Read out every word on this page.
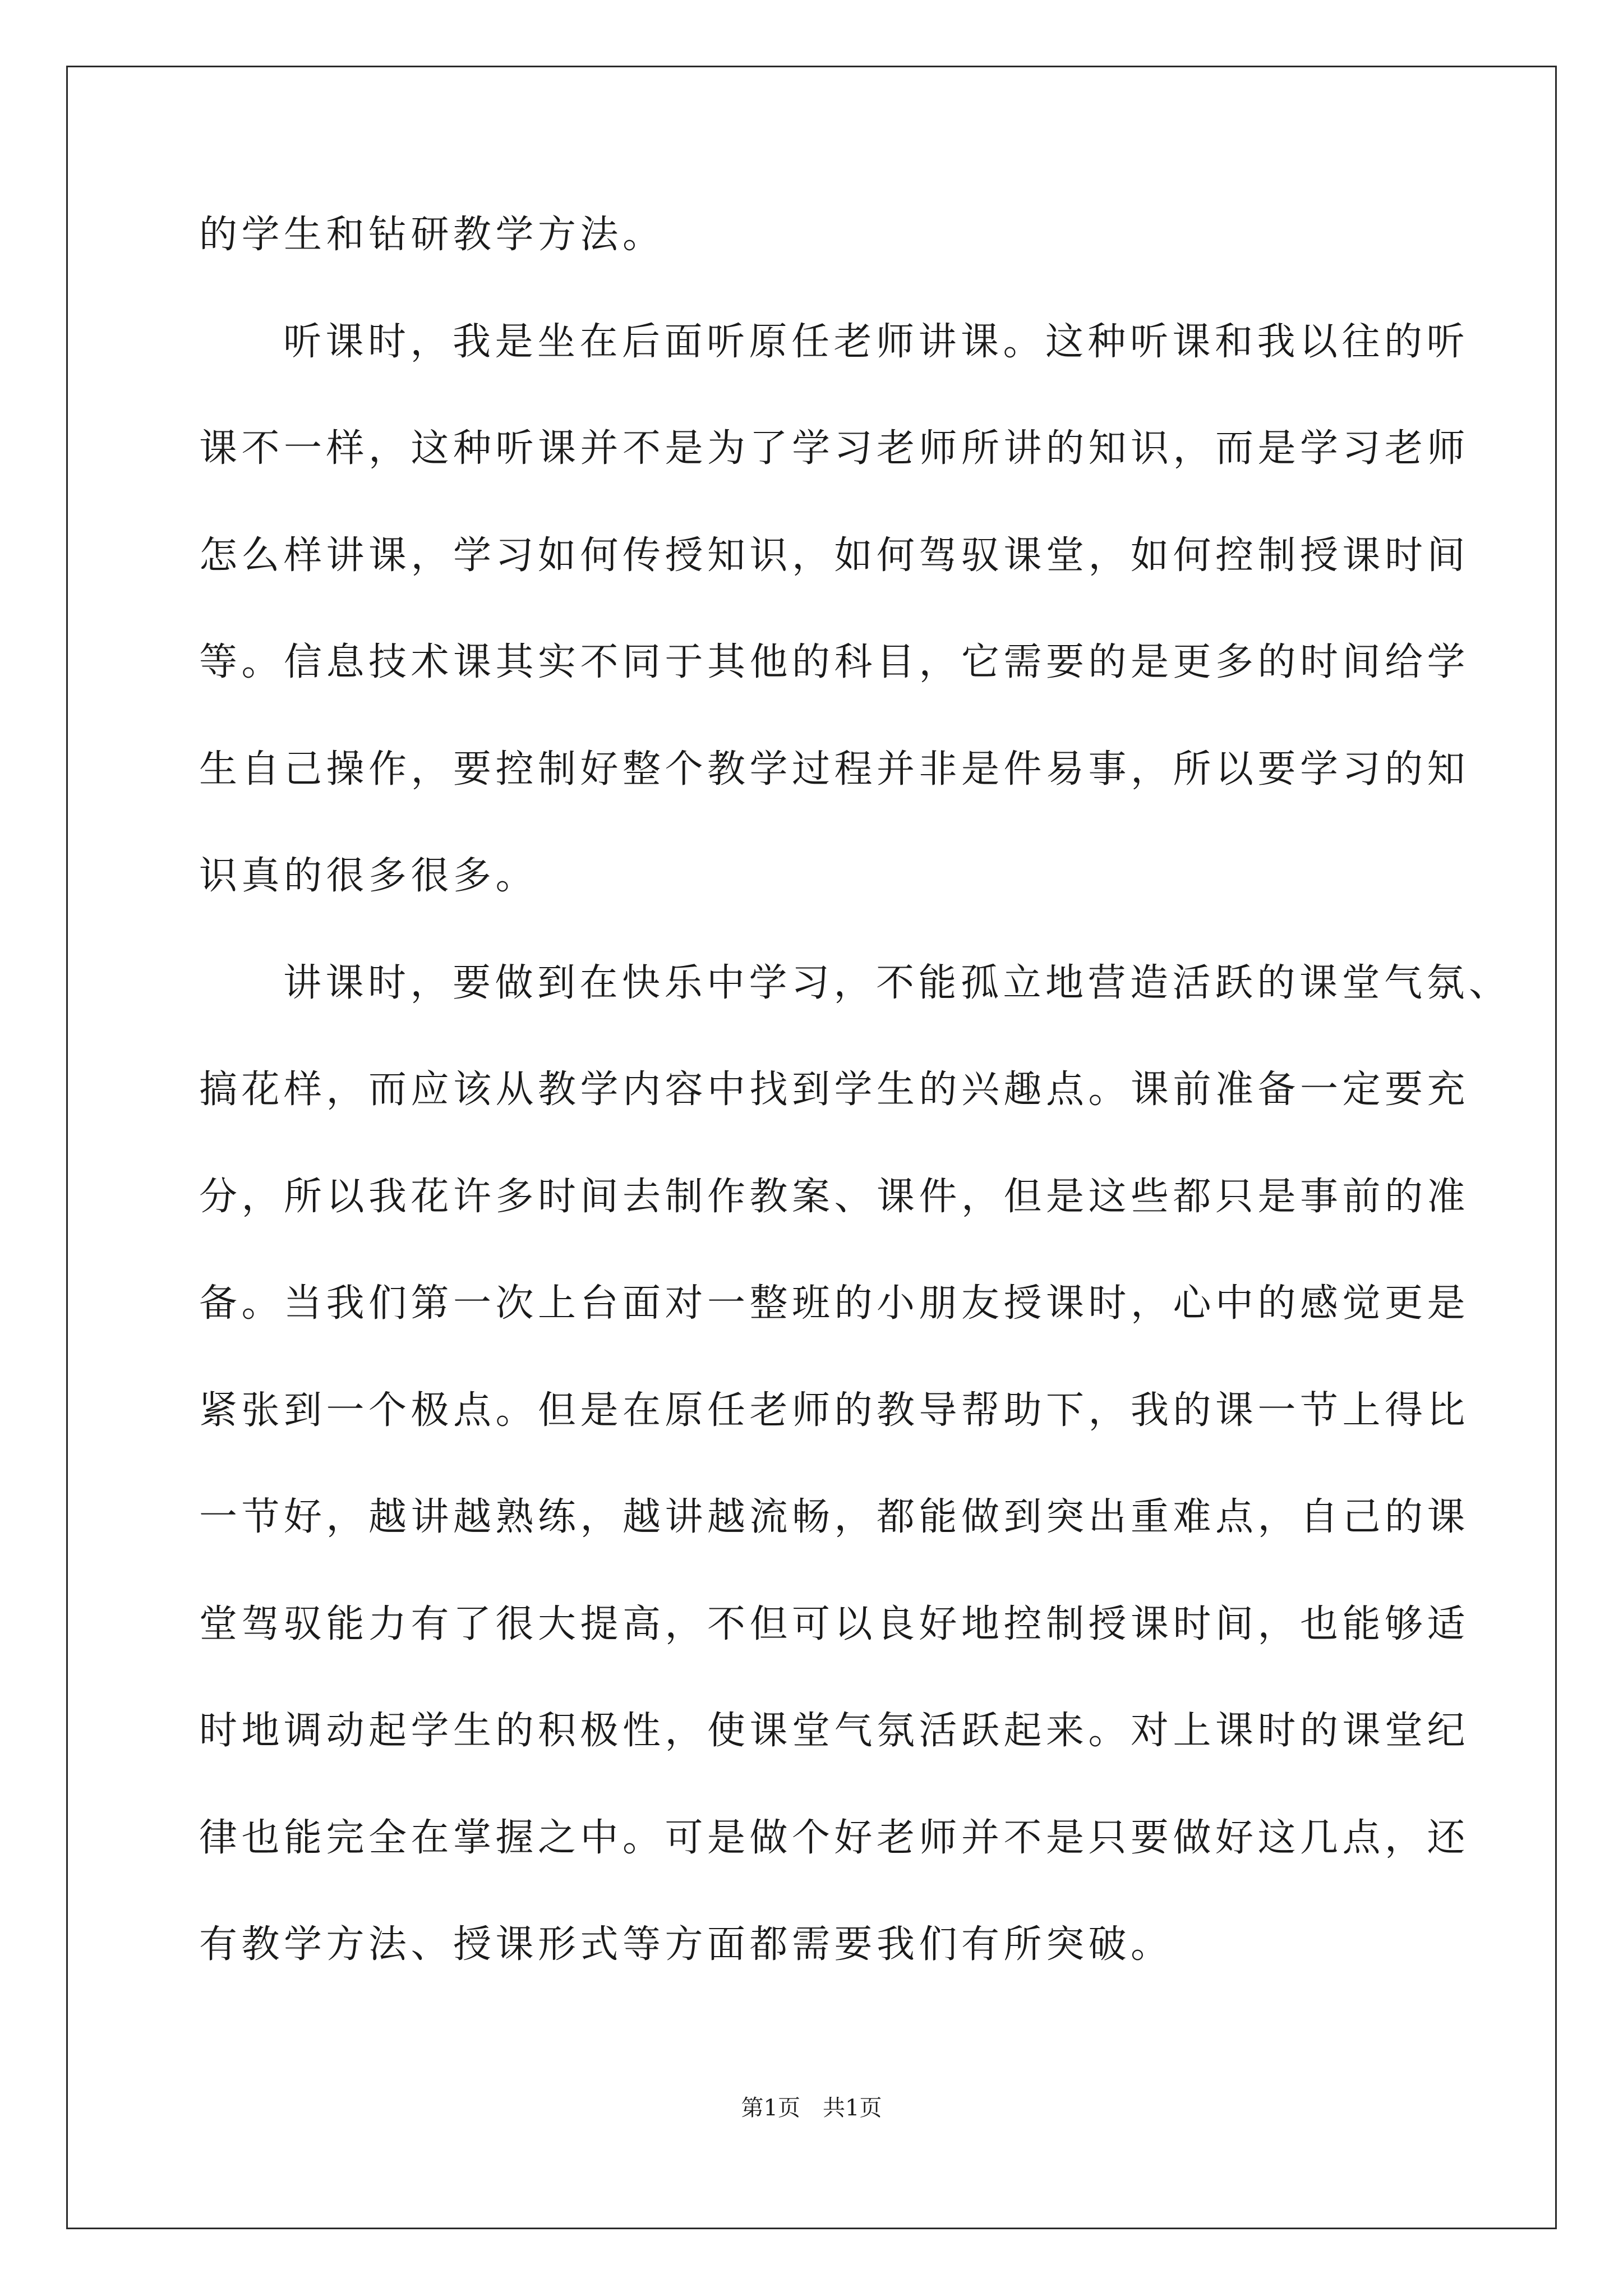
的学生和钻研教学方法。
听课时，我是坐在后面听原任老师讲课。这种听课和我以往的听
课不一样，这种听课并不是为了学习老师所讲的知识，而是学习老师
怎么样讲课，学习如何传授知识，如何驾驭课堂，如何控制授课时间
等。信息技术课其实不同于其他的科目，它需要的是更多的时间给学
生自己操作，要控制好整个教学过程并非是件易事，所以要学习的知
识真的很多很多。
讲课时，要做到在快乐中学习，不能孤立地营造活跃的课堂气氛、
搞花样，而应该从教学内容中找到学生的兴趣点。课前准备一定要充
分，所以我花许多时间去制作教案、课件，但是这些都只是事前的准
备。当我们第一次上台面对一整班的小朋友授课时，心中的感觉更是
紧张到一个极点。但是在原任老师的教导帮助下，我的课一节上得比
一节好，越讲越熟练，越讲越流畅，都能做到突出重难点，自己的课
堂驾驭能力有了很大提高，不但可以良好地控制授课时间，也能够适
时地调动起学生的积极性，使课堂气氛活跃起来。对上课时的课堂纪
律也能完全在掌握之中。可是做个好老师并不是只要做好这几点，还
有教学方法、授课形式等方面都需要我们有所突破。
第1页　共1页
